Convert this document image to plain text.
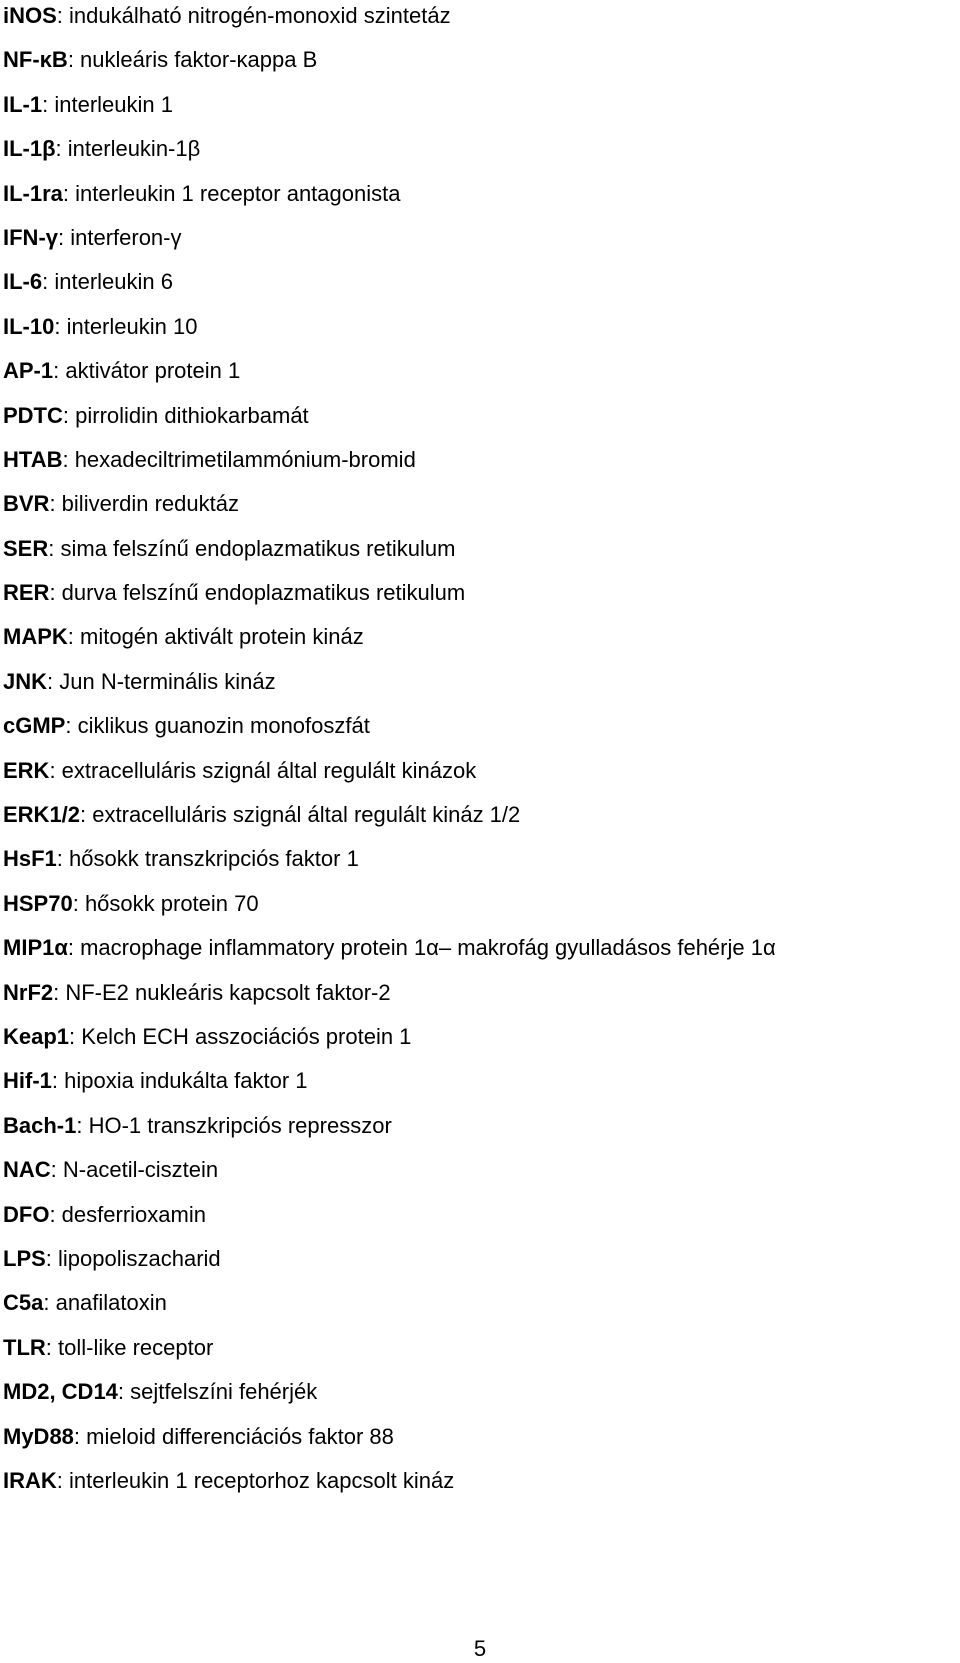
iNOS: indukálható nitrogén-monoxid szintetáz
NF-κB: nukleáris faktor-κappa B
IL-1: interleukin 1
IL-1β: interleukin-1β
IL-1ra: interleukin 1 receptor antagonista
IFN-γ: interferon-γ
IL-6: interleukin 6
IL-10: interleukin 10
AP-1: aktivátor protein 1
PDTC: pirrolidin dithiokarbamát
HTAB: hexadeciltrimetilammónium-bromid
BVR: biliverdin reduktáz
SER: sima felszínű endoplazmatikus retikulum
RER: durva felszínű endoplazmatikus retikulum
MAPK: mitogén aktivált protein kináz
JNK: Jun N-terminális kináz
cGMP: ciklikus guanozin monofoszfát
ERK: extracelluláris szignál által regulált kinázok
ERK1/2: extracelluláris szignál által regulált kináz 1/2
HsF1: hősokk transzkripciós faktor 1
HSP70: hősokk protein 70
MIP1α: macrophage inflammatory protein 1α– makrofág gyulladásos fehérje 1α
NrF2: NF-E2 nukleáris kapcsolt faktor-2
Keap1: Kelch ECH asszociációs protein 1
Hif-1: hipoxia indukálta faktor 1
Bach-1: HO-1 transzkripciós represszor
NAC: N-acetil-cisztein
DFO: desferrioxamin
LPS: lipopoliszacharid
C5a: anafilatoxin
TLR: toll-like receptor
MD2, CD14: sejtfelszíni fehérjék
MyD88: mieloid differenciációs faktor 88
IRAK: interleukin 1 receptorhoz kapcsolt kináz
5
